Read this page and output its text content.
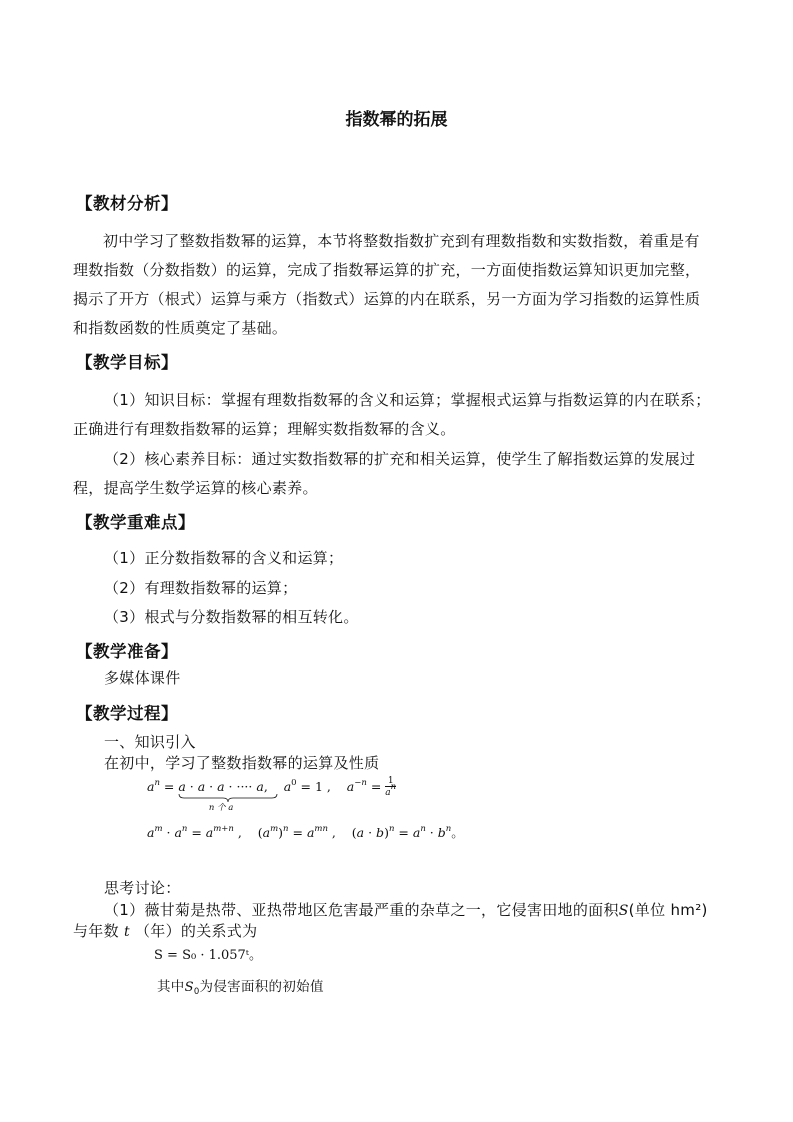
指数幂的拓展
【教材分析】
初中学习了整数指数幂的运算，本节将整数指数扩充到有理数指数和实数指数，着重是有
理数指数（分数指数）的运算，完成了指数幂运算的扩充，一方面使指数运算知识更加完整，
揭示了开方（根式）运算与乘方（指数式）运算的内在联系，另一方面为学习指数的运算性质
和指数函数的性质奠定了基础。
【教学目标】
（1）知识目标：掌握有理数指数幂的含义和运算；掌握根式运算与指数运算的内在联系；
正确进行有理数指数幂的运算；理解实数指数幂的含义。
（2）核心素养目标：通过实数指数幂的扩充和相关运算，使学生了解指数运算的发展过
程，提高学生数学运算的核心素养。
【教学重难点】
（1）正分数指数幂的含义和运算；
（2）有理数指数幂的运算；
（3）根式与分数指数幂的相互转化。
【教学准备】
多媒体课件
【教学过程】
一、知识引入
在初中，学习了整数指数幂的运算及性质
$a^n = a \cdot a \cdot a$ · ···· a
n 个 a
,    $a^0 = 1$ ,    $a^{-n} = \frac{1}{a^n}$
$a^m \cdot a^n = a^{m+n}$ ,    $(a^m)^n = a^{mn}$ ,    $(a \cdot b)^n = a^n \cdot b^n$。
思考讨论：
（1）薇甘菊是热带、亚热带地区危害最严重的杂草之一，它侵害田地的面积S(单位 hm²)
与年数 t （年）的关系式为
S = S₀ · 1.057ᵗ。
其中$S_0$为侵害面积的初始值
